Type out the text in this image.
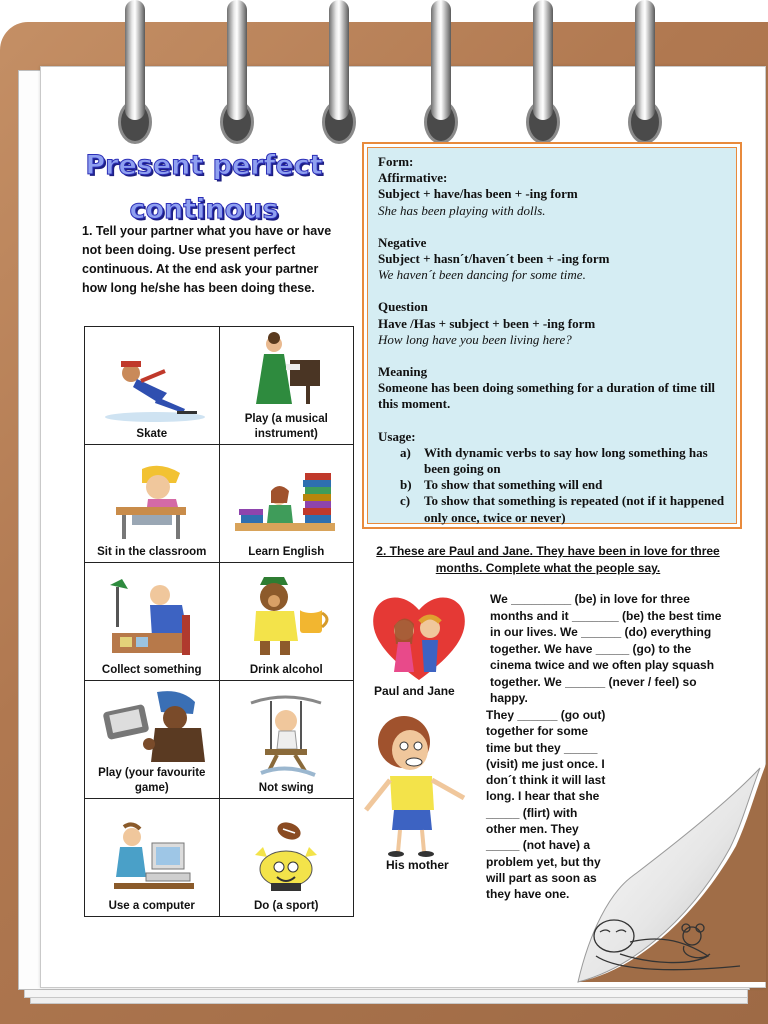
Present perfect
continous
1. Tell your partner what you have or have not been doing. Use present perfect continuous. At the end ask your partner how long he/she has been doing these.
Skate	Play (a musical instrument)

Sit in the classroom	Learn English

Collect something	Drink alcohol

Play (your favourite game)	Not swing

Use a computer	Do (a sport)
Form:
Affirmative:
Subject + have/has been + -ing form
She has been playing with dolls.
Negative
Subject + hasn´t/haven´t been + -ing form
We haven´t been dancing for some time.
Question
Have /Has + subject + been + -ing form
How long have you been living here?
Meaning
Someone has been doing something for a duration of time till this moment.
Usage:
a) With dynamic verbs to say how long something has been going on
b) To show that something will end
c) To show that something is repeated (not if it happened only once, twice or never)
2. These are Paul and Jane. They have been in love for three months. Complete what the people say.
Paul and Jane
His mother
We _________ (be) in love for three months and it _______ (be) the best time in our lives. We ______ (do) everything together. We have _____ (go) to the cinema twice and we often play squash together. We ______ (never / feel) so happy.
They ______ (go out) together for some time but they _____ (visit) me just once. I don´t think it will last long. I hear that she _____ (flirt) with other men. They _____ (not have) a problem yet, but thy will part as soon as they have one.
